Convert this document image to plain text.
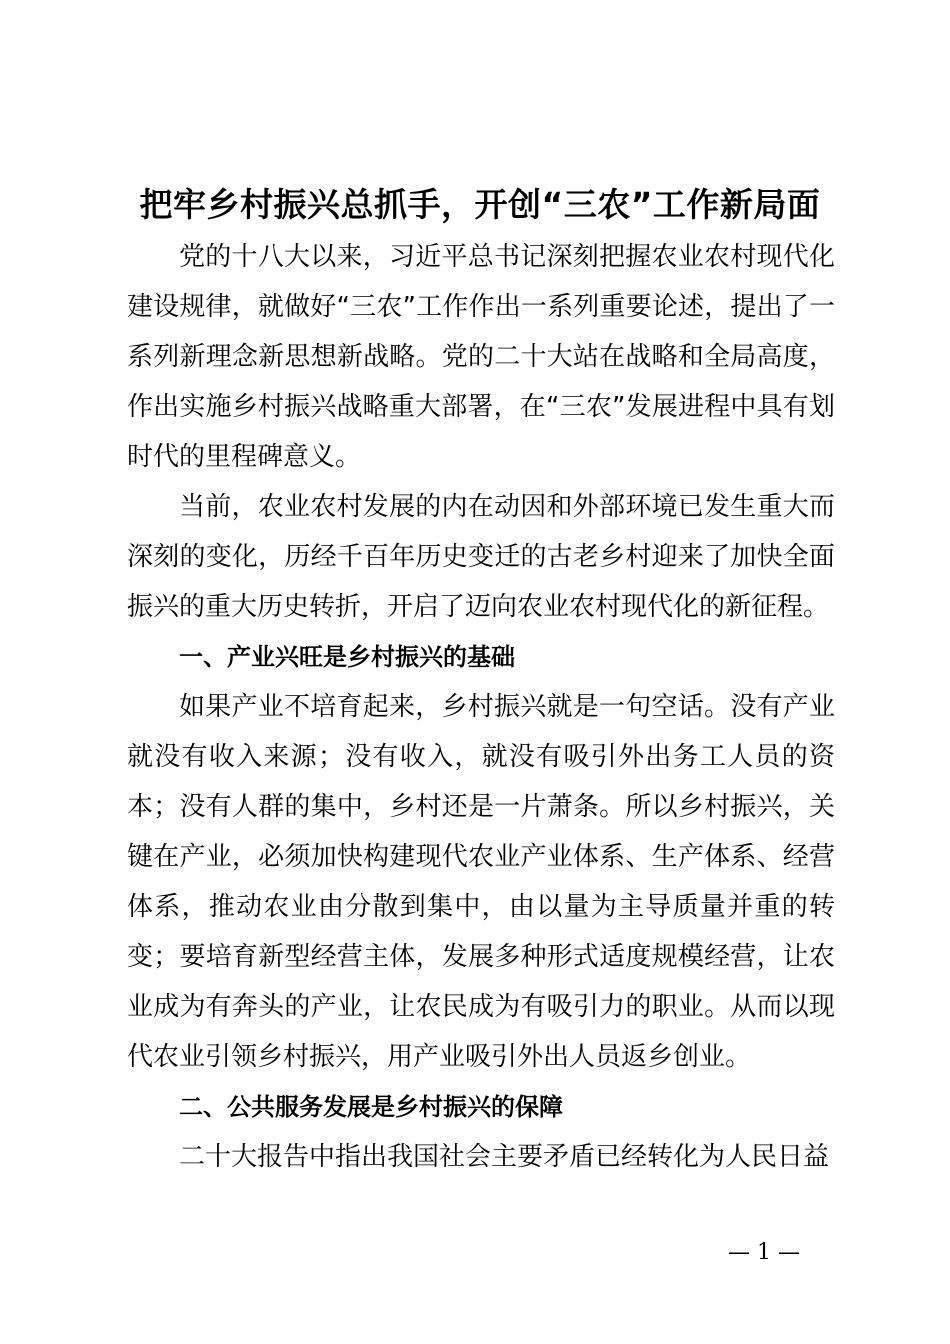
把牢乡村振兴总抓手，开创“三农”工作新局面

党的十八大以来，习近平总书记深刻把握农业农村现代化建设规律，就做好“三农”工作作出一系列重要论述，提出了一系列新理念新思想新战略。党的二十大站在战略和全局高度，作出实施乡村振兴战略重大部署，在“三农”发展进程中具有划时代的里程碑意义。

当前，农业农村发展的内在动因和外部环境已发生重大而深刻的变化，历经千百年历史变迁的古老乡村迎来了加快全面振兴的重大历史转折，开启了迈向农业农村现代化的新征程。

一、产业兴旺是乡村振兴的基础

如果产业不培育起来，乡村振兴就是一句空话。没有产业就没有收入来源；没有收入，就没有吸引外出务工人员的资本；没有人群的集中，乡村还是一片萧条。所以乡村振兴，关键在产业，必须加快构建现代农业产业体系、生产体系、经营体系，推动农业由分散到集中，由以量为主导质量并重的转变；要培育新型经营主体，发展多种形式适度规模经营，让农业成为有奔头的产业，让农民成为有吸引力的职业。从而以现代农业引领乡村振兴，用产业吸引外出人员返乡创业。

二、公共服务发展是乡村振兴的保障

二十大报告中指出我国社会主要矛盾已经转化为人民日益

— 1 —
